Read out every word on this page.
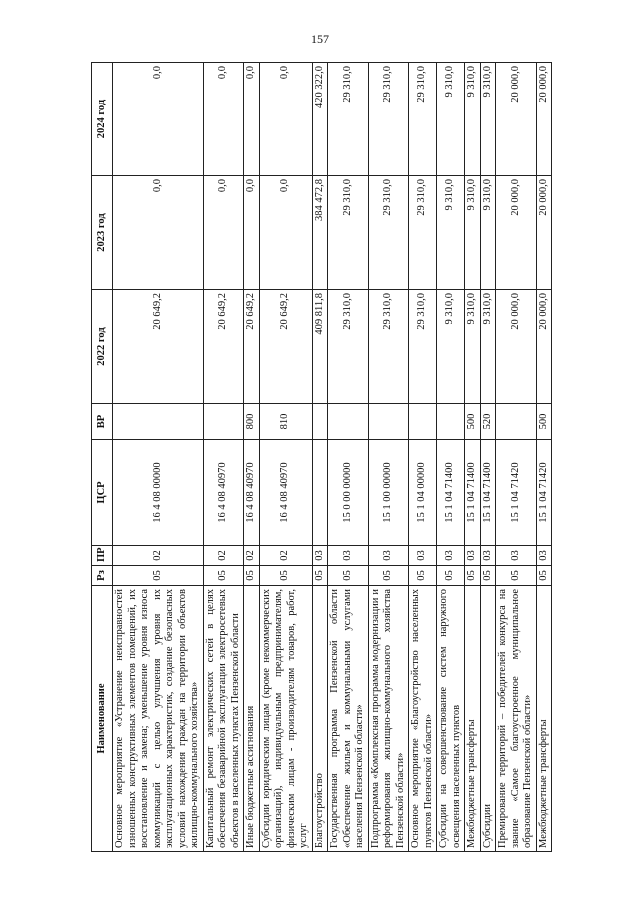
157
Наименование	Рз	ПР	ЦСР	ВР	2022 год	2023 год	2024 год
Основное мероприятие «Устранение неисправностей изношенных конструктивных элементов помещений, их восстановление и замена; уменьшение уровня износа коммуникаций с целью улучшения уровня их эксплуатационных характеристик, создание безопасных условий нахождения граждан на территории объектов жилищно-коммунального хозяйства»	05	02	16 4 08 00000		20 649,2	0,0	0,0
Капитальный ремонт электрических сетей в целях обеспечения безаварийной эксплуатации электросетевых объектов в населенных пунктах Пензенской области	05	02	16 4 08 40970		20 649,2	0,0	0,0
Иные бюджетные ассигнования	05	02	16 4 08 40970	800	20 649,2	0,0	0,0
Субсидии юридическим лицам (кроме некоммерческих организаций), индивидуальным предпринимателям, физическим лицам - производителям товаров, работ, услуг	05	02	16 4 08 40970	810	20 649,2	0,0	0,0
Благоустройство	05	03			409 811,8	384 472,8	420 322,0
Государственная программа Пензенской области «Обеспечение жильем и коммунальными услугами населения Пензенской области»	05	03	15 0 00 00000		29 310,0	29 310,0	29 310,0
Подпрограмма «Комплексная программа модернизации и реформирования жилищно-коммунального хозяйства Пензенской области»	05	03	15 1 00 00000		29 310,0	29 310,0	29 310,0
Основное мероприятие «Благоустройство населенных пунктов Пензенской области»	05	03	15 1 04 00000		29 310,0	29 310,0	29 310,0
Субсидии на совершенствование систем наружного освещения населенных пунктов	05	03	15 1 04 71400		9 310,0	9 310,0	9 310,0
Межбюджетные трансферты	05	03	15 1 04 71400	500	9 310,0	9 310,0	9 310,0
Субсидии	05	03	15 1 04 71400	520	9 310,0	9 310,0	9 310,0
Премирование территорий – победителей конкурса на звание «Самое благоустроенное муниципальное образование Пензенской области»	05	03	15 1 04 71420		20 000,0	20 000,0	20 000,0
Межбюджетные трансферты	05	03	15 1 04 71420	500	20 000,0	20 000,0	20 000,0
